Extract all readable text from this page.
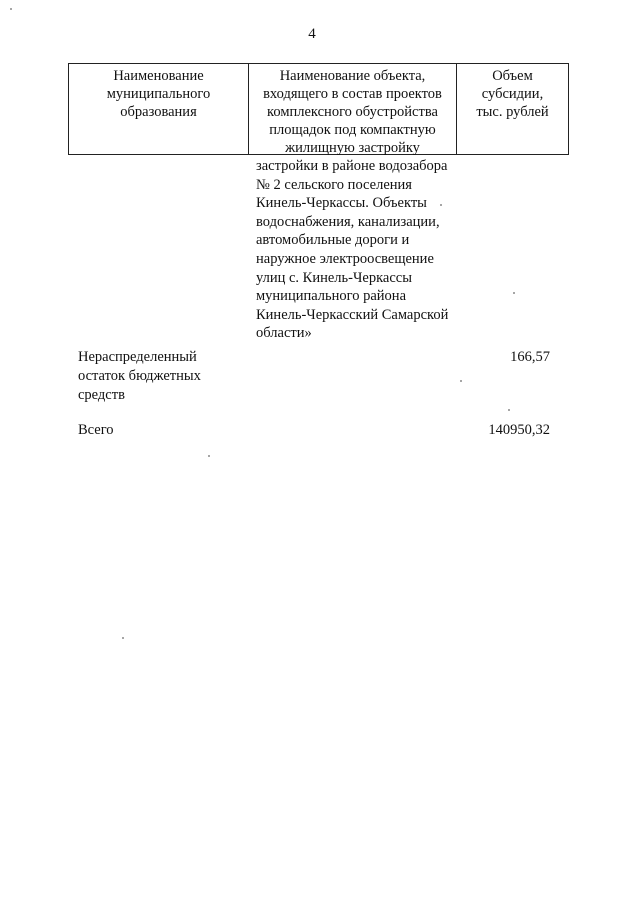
4
Наименование
муниципального
образования
Наименование объекта,
входящего в состав проектов
комплексного обустройства
площадок под компактную
жилищную застройку
Объем
субсидии,
тыс. рублей
застройки в районе водозабора
№ 2 сельского поселения
Кинель-Черкассы. Объекты
водоснабжения, канализации,
автомобильные дороги и
наружное электроосвещение
улиц с. Кинель-Черкассы
муниципального района
Кинель-Черкасский Самарской
области»
Нераспределенный
остаток бюджетных
средств
166,57
Всего	140950,32
